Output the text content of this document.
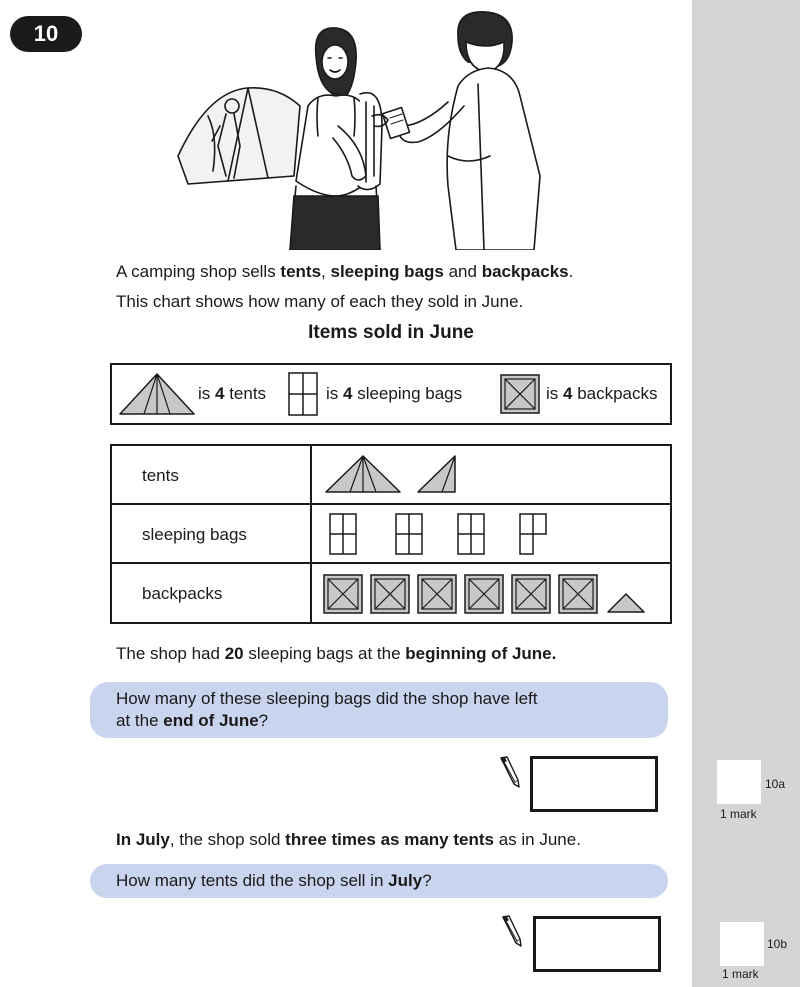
10
A camping shop sells tents, sleeping bags and backpacks.
This chart shows how many of each they sold in June.
Items sold in June
is 4 tents	is 4 sleeping bags	is 4 backpacks
tents
sleeping bags
backpacks
The shop had 20 sleeping bags at the beginning of June.
How many of these sleeping bags did the shop have left
at the end of June?
In July, the shop sold three times as many tents as in June.
How many tents did the shop sell in July?
10a
1 mark
10b
1 mark
